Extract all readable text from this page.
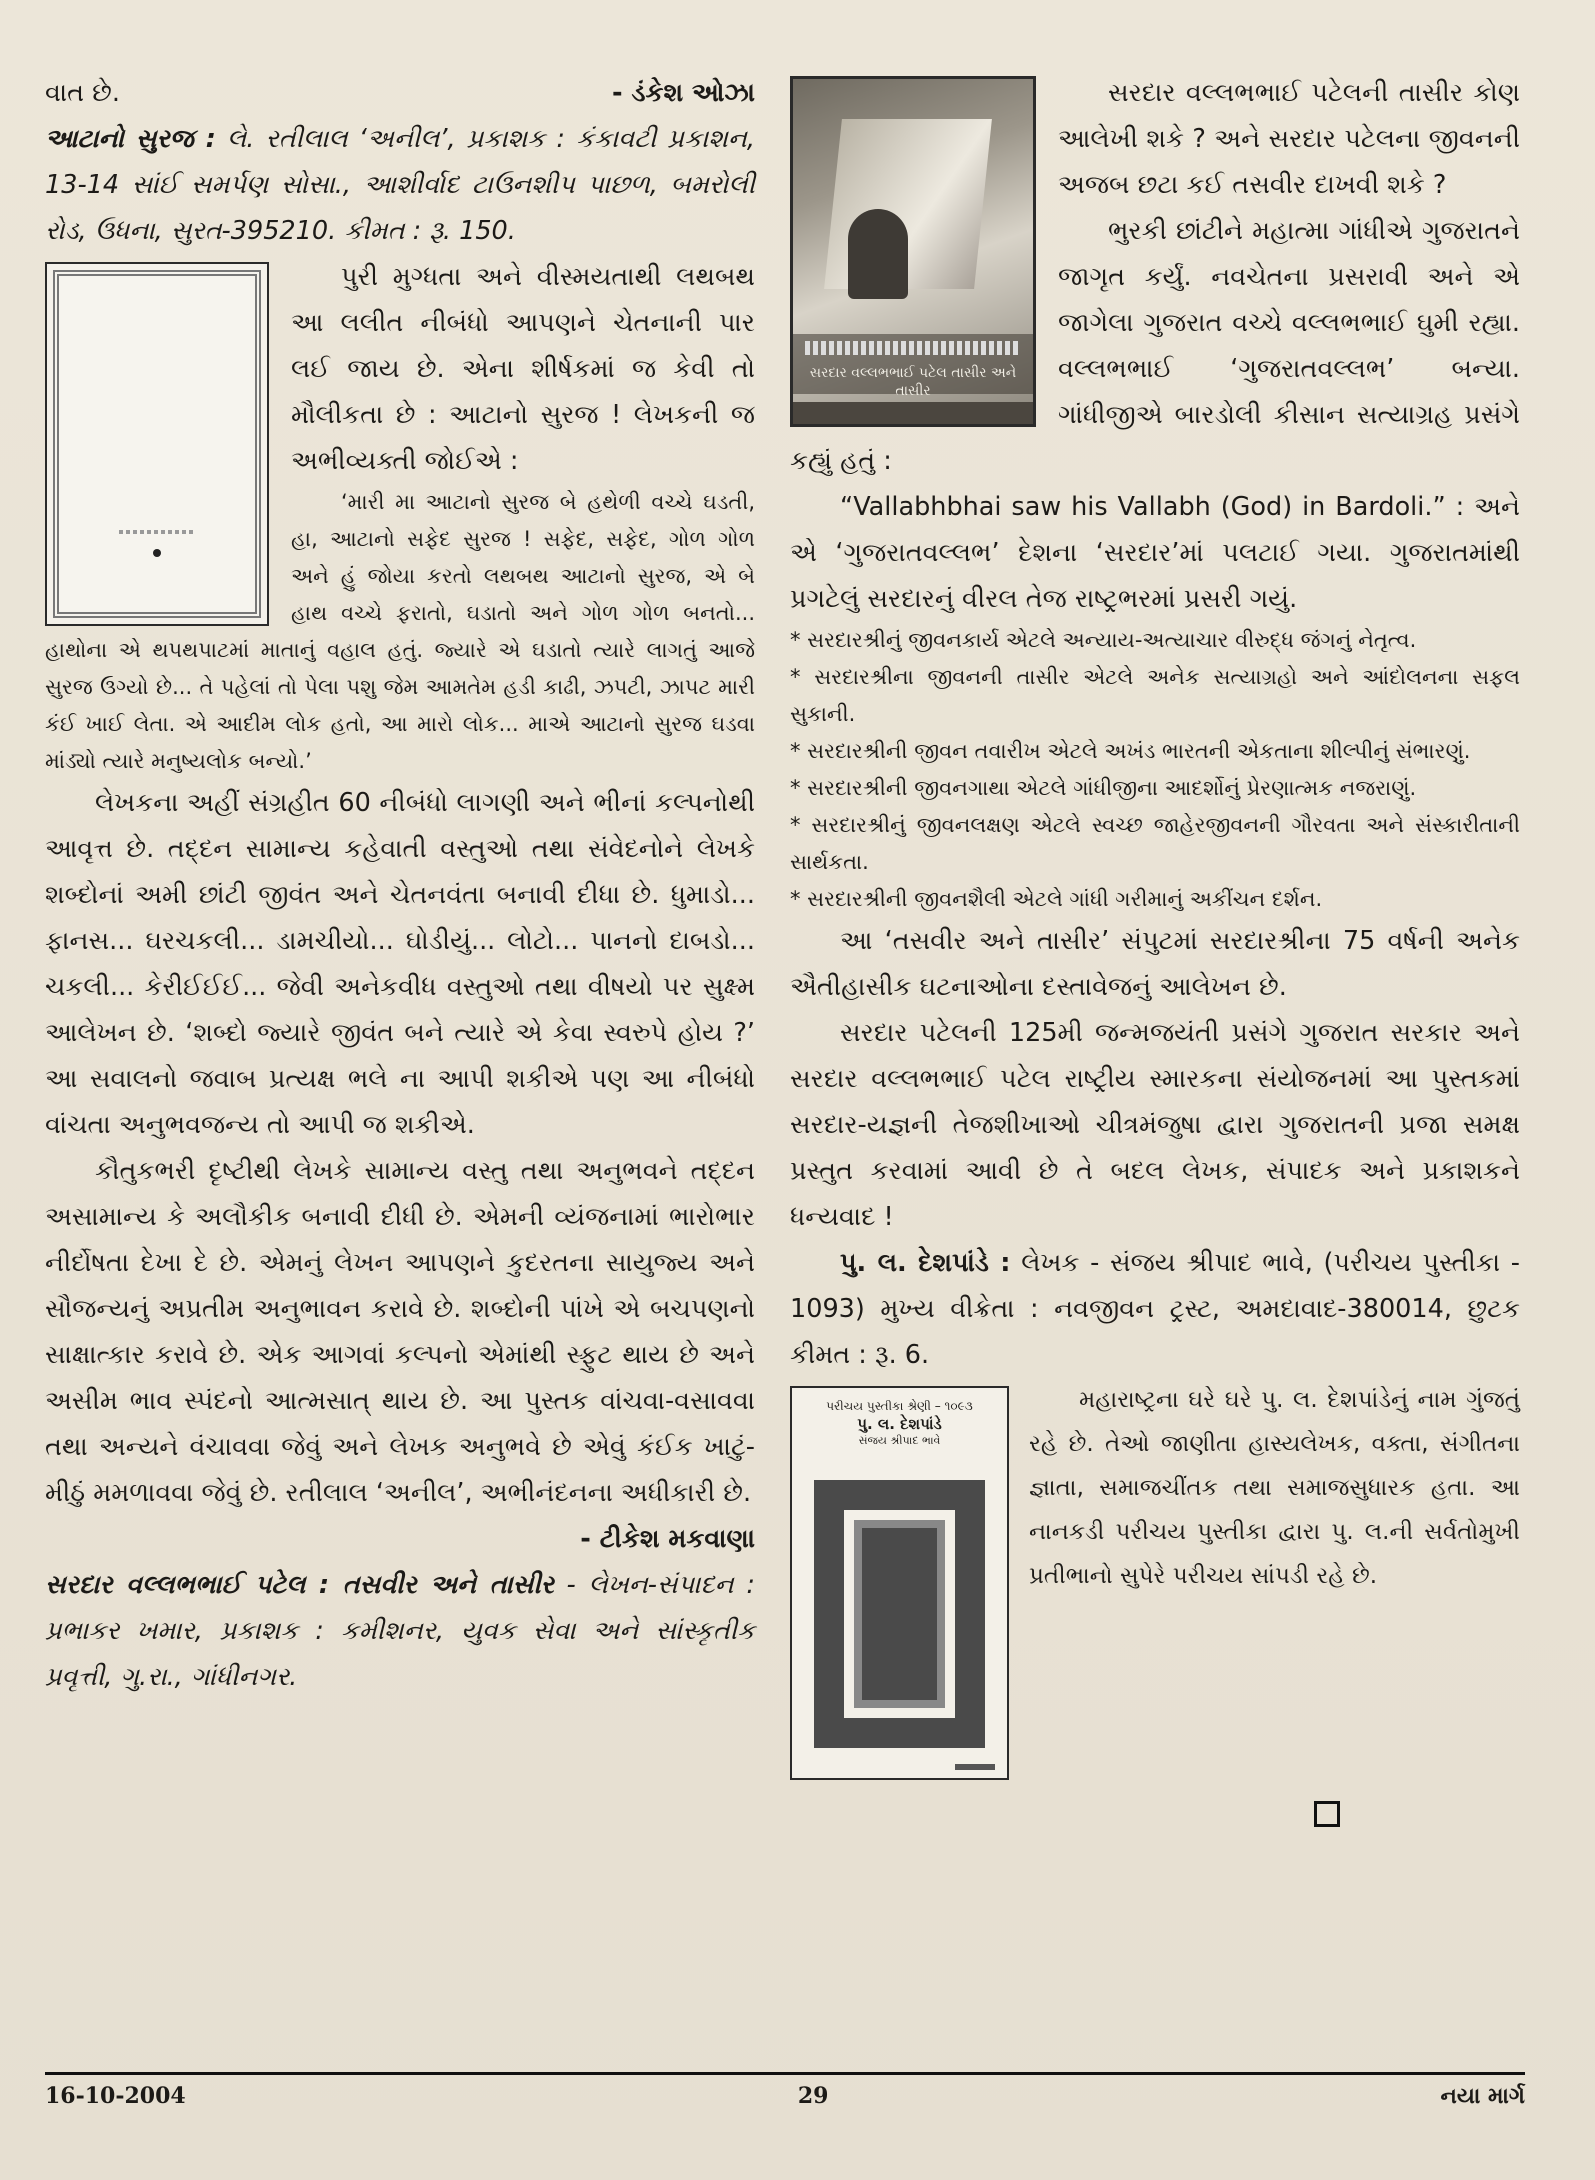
વાત છે.	- ડંકેશ ઓઝા

આટાનો સુરજ : લે. રતીલાલ ‘અનીલ’, પ્રકાશક : કંકાવટી પ્રકાશન, 13-14 સાંઈ સમર્પણ સોસા., આશીર્વાદ ટાઉનશીપ પાછળ, બમરોલી રોડ, ઉધના, સુરત-395210. કીમત : રૂ. 150.

પુરી મુગ્ધતા અને વીસ્મયતાથી લથબથ આ લલીત નીબંધો આપણને ચેતનાની પાર લઈ જાય છે. એના શીર્ષકમાં જ કેવી તો મૌલીકતા છે : આટાનો સુરજ ! લેખકની જ અભીવ્યક્તી જોઈએ :

‘મારી મા આટાનો સુરજ બે હથેળી વચ્ચે ઘડતી, હા, આટાનો સફેદ સુરજ ! સફેદ, સફેદ, ગોળ ગોળ અને હું જોયા કરતો લથબથ આટાનો સુરજ, એ બે હાથ વચ્ચે ફરાતો, ઘડાતો અને ગોળ ગોળ બનતો... હાથોના એ થપથપાટમાં માતાનું વહાલ હતું. જ્યારે એ ઘડાતો ત્યારે લાગતું આજે સુરજ ઉગ્યો છે... તે પહેલાં તો પેલા પશુ જેમ આમતેમ હડી કાઢી, ઝપટી, ઝાપટ મારી કંઈ ખાઈ લેતા. એ આદીમ લોક હતો, આ મારો લોક... માએ આટાનો સુરજ ઘડવા માંડ્યો ત્યારે મનુષ્યલોક બન્યો.’

લેખકના અહીં સંગ્રહીત 60 નીબંધો લાગણી અને ભીનાં કલ્પનોથી આવૃત્ત છે. તદ્દન સામાન્ય કહેવાતી વસ્તુઓ તથા સંવેદનોને લેખકે શબ્દોનાં અમી છાંટી જીવંત અને ચેતનવંતા બનાવી દીધા છે. ધુમાડો... ફાનસ... ઘરચકલી... ડામચીયો... ઘોડીયું... લોટો... પાનનો દાબડો... ચકલી... કેરીઈઈઈ... જેવી અનેકવીધ વસ્તુઓ તથા વીષયો પર સુક્ષ્મ આલેખન છે. ‘શબ્દો જ્યારે જીવંત બને ત્યારે એ કેવા સ્વરુપે હોય ?’ આ સવાલનો જવાબ પ્રત્યક્ષ ભલે ના આપી શકીએ પણ આ નીબંધો વાંચતા અનુભવજન્ય તો આપી જ શકીએ.

કૌતુકભરી દૃષ્ટીથી લેખકે સામાન્ય વસ્તુ તથા અનુભવને તદ્દન અસામાન્ય કે અલૌકીક બનાવી દીધી છે. એમની વ્યંજનામાં ભારોભાર નીર્દોષતા દેખા દે છે. એમનું લેખન આપણને કુદરતના સાયુજ્ય અને સૌજન્યનું અપ્રતીમ અનુભાવન કરાવે છે. શબ્દોની પાંખે એ બચપણનો સાક્ષાત્કાર કરાવે છે. એક આગવાં કલ્પનો એમાંથી સ્ફુટ થાય છે અને અસીમ ભાવ સ્પંદનો આત્મસાત્ થાય છે. આ પુસ્તક વાંચવા-વસાવવા તથા અન્યને વંચાવવા જેવું અને લેખક અનુભવે છે એવું કંઈક ખાટું-મીઠું મમળાવવા જેવું છે. રતીલાલ ‘અનીલ’, અભીનંદનના અધીકારી છે.

- ટીકેશ મકવાણા

સરદાર વલ્લભભાઈ પટેલ : તસવીર અને તાસીર - લેખન-સંપાદન : પ્રભાકર ખમાર, પ્રકાશક : કમીશનર, યુવક સેવા અને સાંસ્કૃતીક પ્રવૃત્તી, ગુ.રા., ગાંધીનગર.

સરદાર વલ્લભભાઈ પટેલ તાસીર અને તાસીર

સરદાર વલ્લભભાઈ પટેલની તાસીર કોણ આલેખી શકે ? અને સરદાર પટેલના જીવનની અજબ છટા કઈ તસવીર દાખવી શકે ?

ભુરકી છાંટીને મહાત્મા ગાંધીએ ગુજરાતને જાગૃત કર્યું. નવચેતના પ્રસરાવી અને એ જાગેલા ગુજરાત વચ્ચે વલ્લભભાઈ ઘુમી રહ્યા. વલ્લભભાઈ ‘ગુજરાતવલ્લભ’ બન્યા. ગાંધીજીએ બારડોલી કીસાન સત્યાગ્રહ પ્રસંગે કહ્યું હતું :

“Vallabhbhai saw his Vallabh (God) in Bardoli.” : અને એ ‘ગુજરાતવલ્લભ’ દેશના ‘સરદાર’માં પલટાઈ ગયા. ગુજરાતમાંથી પ્રગટેલું સરદારનું વીરલ તેજ રાષ્ટ્રભરમાં પ્રસરી ગયું.

* સરદારશ્રીનું જીવનકાર્ય એટલે અન્યાય-અત્યાચાર વીરુદ્ધ જંગનું નેતૃત્વ.

* સરદારશ્રીના જીવનની તાસીર એટલે અનેક સત્યાગ્રહો અને આંદોલનના સફલ સુકાની.

* સરદારશ્રીની જીવન તવારીખ એટલે અખંડ ભારતની એકતાના શીલ્પીનું સંભારણું.

* સરદારશ્રીની જીવનગાથા એટલે ગાંધીજીના આદર્શોનું પ્રેરણાત્મક નજરાણું.

* સરદારશ્રીનું જીવનલક્ષણ એટલે સ્વચ્છ જાહેરજીવનની ગૌરવતા અને સંસ્કારીતાની સાર્થકતા.

* સરદારશ્રીની જીવનશૈલી એટલે ગાંધી ગરીમાનું અકીંચન દર્શન.

આ ‘તસવીર અને તાસીર’ સંપુટમાં સરદારશ્રીના 75 વર્ષની અનેક ઐતીહાસીક ઘટનાઓના દસ્તાવેજનું આલેખન છે.

સરદાર પટેલની 125મી જન્મજયંતી પ્રસંગે ગુજરાત સરકાર અને સરદાર વલ્લભભાઈ પટેલ રાષ્ટ્રીય સ્મારકના સંયોજનમાં આ પુસ્તકમાં સરદાર-યજ્ઞની તેજશીખાઓ ચીત્રમંજુષા દ્વારા ગુજરાતની પ્રજા સમક્ષ પ્રસ્તુત કરવામાં આવી છે તે બદલ લેખક, સંપાદક અને પ્રકાશકને ધન્યવાદ !

પુ. લ. દેશપાંડે : લેખક - સંજય શ્રીપાદ ભાવે, (પરીચય પુસ્તીકા - 1093) મુખ્ય વીક્રેતા : નવજીવન ટ્રસ્ટ, અમદાવાદ-380014, છુટક કીમત : રૂ. 6.

પરીચય પુસ્તીકા શ્રેણી – ૧૦૯૩
પુ. લ. દેશપાંડે
સંજય શ્રીપાદ ભાવે

મહારાષ્ટ્રના ઘરે ઘરે પુ. લ. દેશપાંડેનું નામ ગુંજતું રહે છે. તેઓ જાણીતા હાસ્યલેખક, વક્તા, સંગીતના જ્ઞાતા, સમાજચીંતક તથા સમાજસુધારક હતા. આ નાનકડી પરીચય પુસ્તીકા દ્વારા પુ. લ.ની સર્વતોમુખી પ્રતીભાનો સુપેરે પરીચય સાંપડી રહે છે.

16-10-2004	29	નયા માર્ગ
